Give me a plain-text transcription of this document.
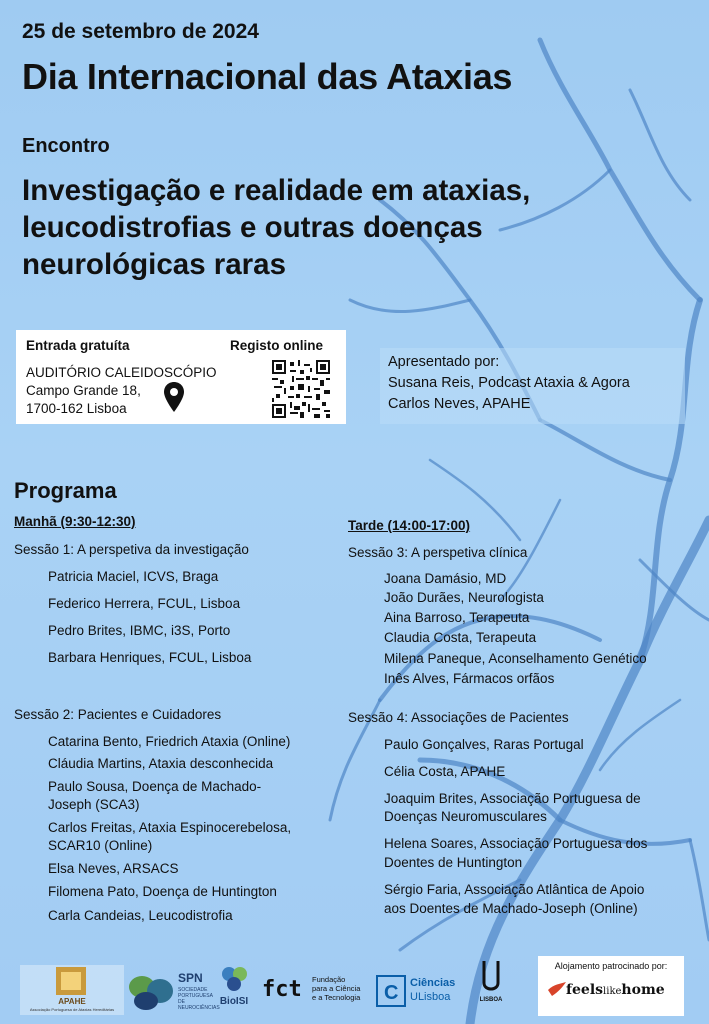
25 de setembro de 2024
Dia Internacional das Ataxias
Encontro
Investigação e realidade em ataxias,
leucodistrofias e outras doenças
neurológicas raras
Entrada gratuíta	Registo online
AUDITÓRIO CALEIDOSCÓPIO
Campo Grande 18,
1700-162 Lisboa
Apresentado por:
Susana Reis, Podcast Ataxia & Agora
Carlos Neves, APAHE
Programa
Manhã (9:30-12:30)
Sessão 1: A perspetiva da investigação
Patricia Maciel, ICVS, Braga
Federico Herrera, FCUL, Lisboa
Pedro Brites, IBMC, i3S, Porto
Barbara Henriques, FCUL, Lisboa
Sessão 2: Pacientes e Cuidadores
Catarina Bento, Friedrich Ataxia (Online)
Cláudia Martins, Ataxia desconhecida
Paulo Sousa, Doença de Machado-
Joseph (SCA3)
Carlos Freitas, Ataxia Espinocerebelosa,
SCAR10 (Online)
Elsa Neves, ARSACS
Filomena Pato, Doença de Huntington
Carla Candeias, Leucodistrofia
Tarde (14:00-17:00)
Sessão 3: A perspetiva clínica
Joana Damásio, MD
João Durães, Neurologista
Aina Barroso, Terapeuta
Claudia Costa, Terapeuta
Milena Paneque, Aconselhamento Genético
Inês Alves, Fármacos orfãos
Sessão 4: Associações de Pacientes
Paulo Gonçalves, Raras Portugal
Célia Costa, APAHE
Joaquim Brites, Associação Portuguesa de
Doenças Neuromusculares
Helena Soares, Associação Portuguesa dos
Doentes de Huntington
Sérgio Faria, Associação Atlântica de Apoio
aos Doentes de Machado-Joseph (Online)
APAHE
Associação Portuguesa de Ataxias Hereditárias
SPN
SOCIEDADE
PORTUGUESA
DE NEUROCIÊNCIAS
BioISI fct Fundação
para a Ciência
e a Tecnologia C Ciências
ULisboa	LISBOA
Alojamento patrocinado por:
feelslikehome
